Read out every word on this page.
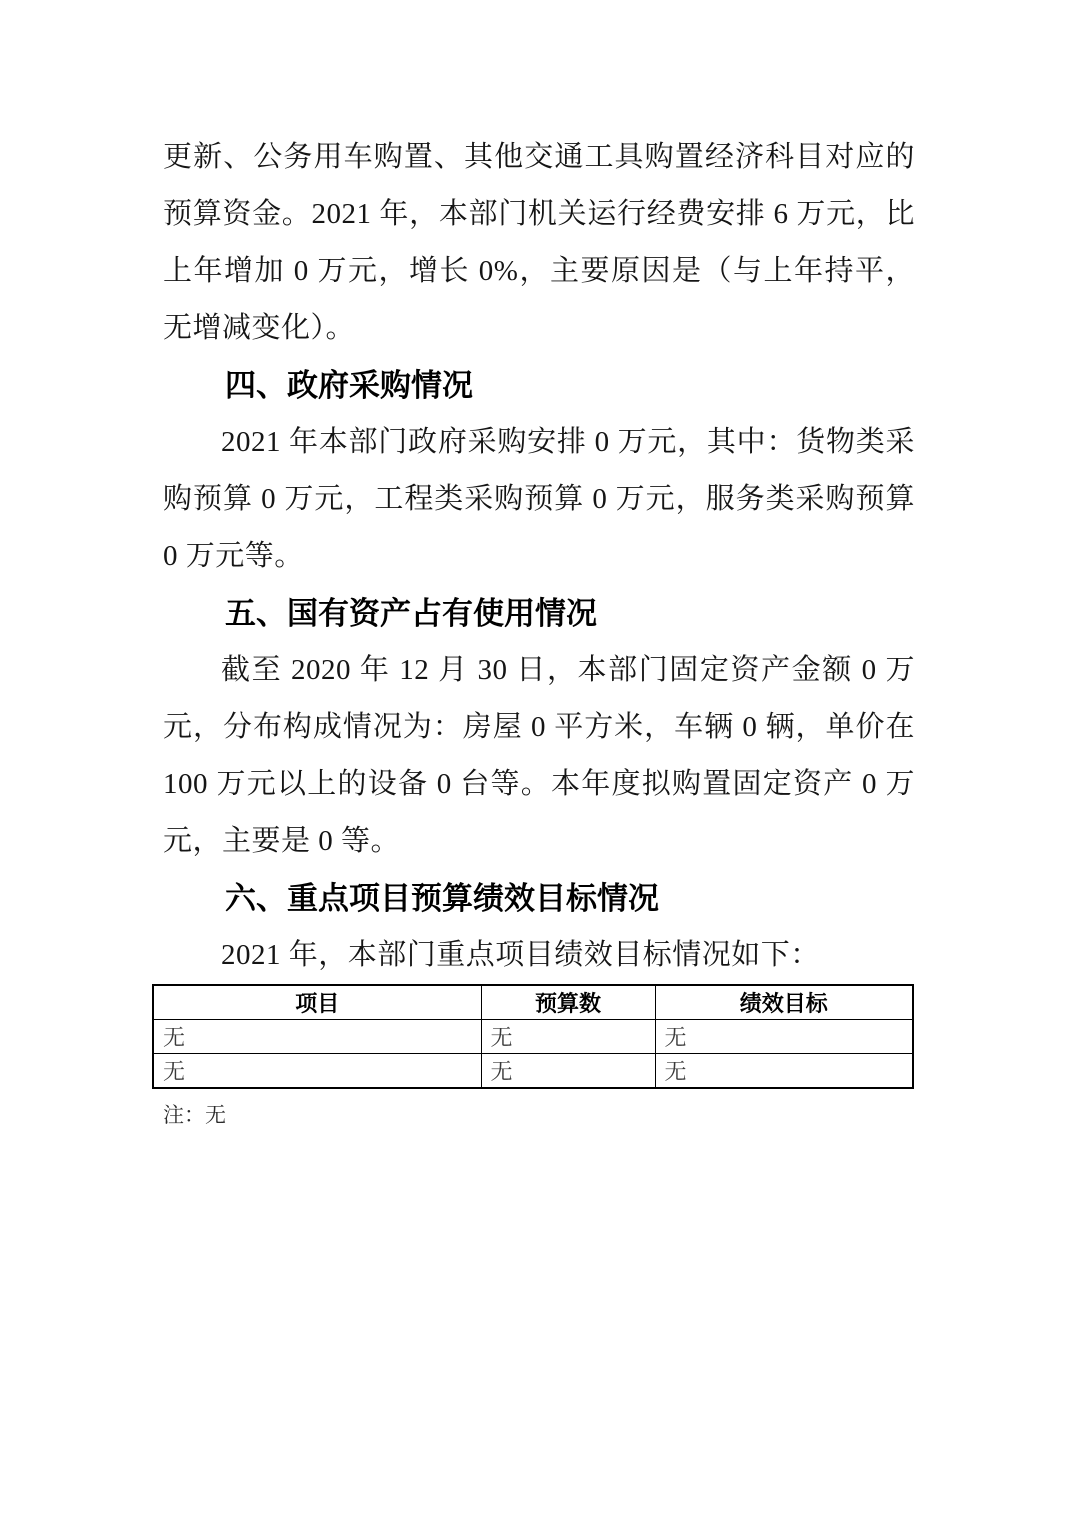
更新、公务用车购置、其他交通工具购置经济科目对应的预算资金。2021 年，本部门机关运行经费安排 6 万元，比上年增加 0 万元，增长 0%，主要原因是（与上年持平，无增减变化）。

四、政府采购情况

2021 年本部门政府采购安排 0 万元，其中：货物类采购预算 0 万元，工程类采购预算 0 万元，服务类采购预算 0 万元等。

五、国有资产占有使用情况

截至 2020 年 12 月 30 日，本部门固定资产金额 0 万元，分布构成情况为：房屋 0 平方米，车辆 0 辆，单价在 100 万元以上的设备 0 台等。本年度拟购置固定资产 0 万元，主要是 0 等。

六、重点项目预算绩效目标情况

2021 年，本部门重点项目绩效目标情况如下：

项目	预算数	绩效目标
无	无	无
无	无	无

注：无
